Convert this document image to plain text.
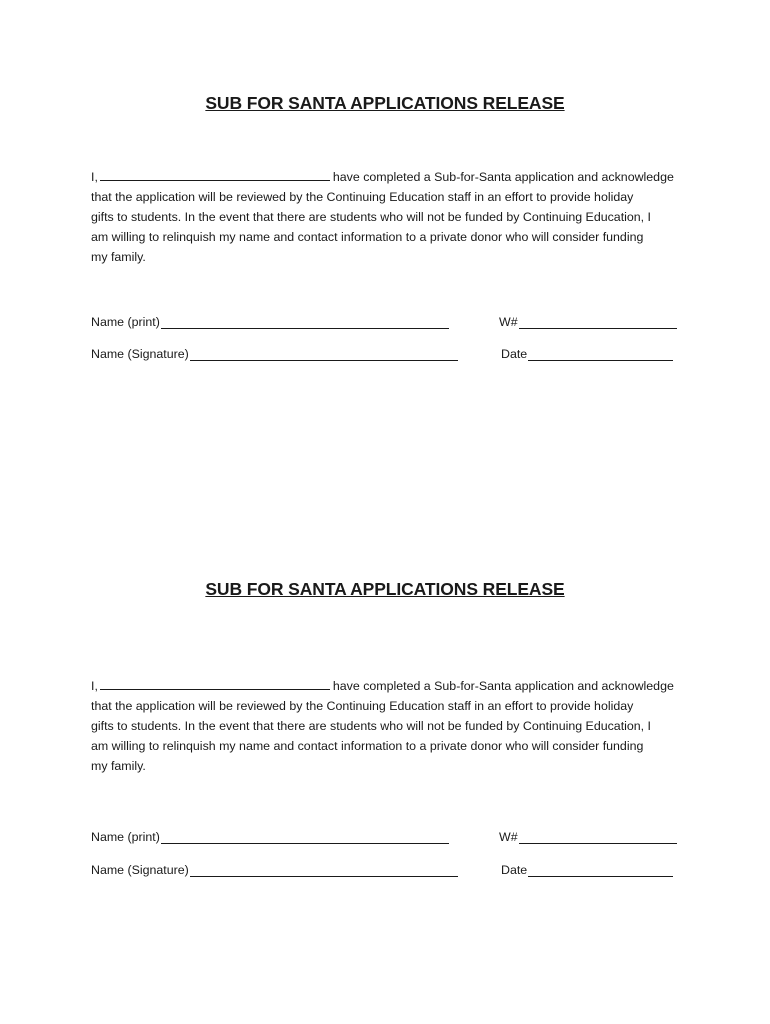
SUB FOR SANTA APPLICATIONS RELEASE
I,	have completed a Sub-for-Santa application and acknowledge
that the application will be reviewed by the Continuing Education staff in an effort to provide holiday
gifts to students. In the event that there are students who will not be funded by Continuing Education, I
am willing to relinquish my name and contact information to a private donor who will consider funding
my family.
Name (print)	W#
Name (Signature)	Date
SUB FOR SANTA APPLICATIONS RELEASE
I,	have completed a Sub-for-Santa application and acknowledge
that the application will be reviewed by the Continuing Education staff in an effort to provide holiday
gifts to students. In the event that there are students who will not be funded by Continuing Education, I
am willing to relinquish my name and contact information to a private donor who will consider funding
my family.
Name (print)	W#
Name (Signature)	Date
